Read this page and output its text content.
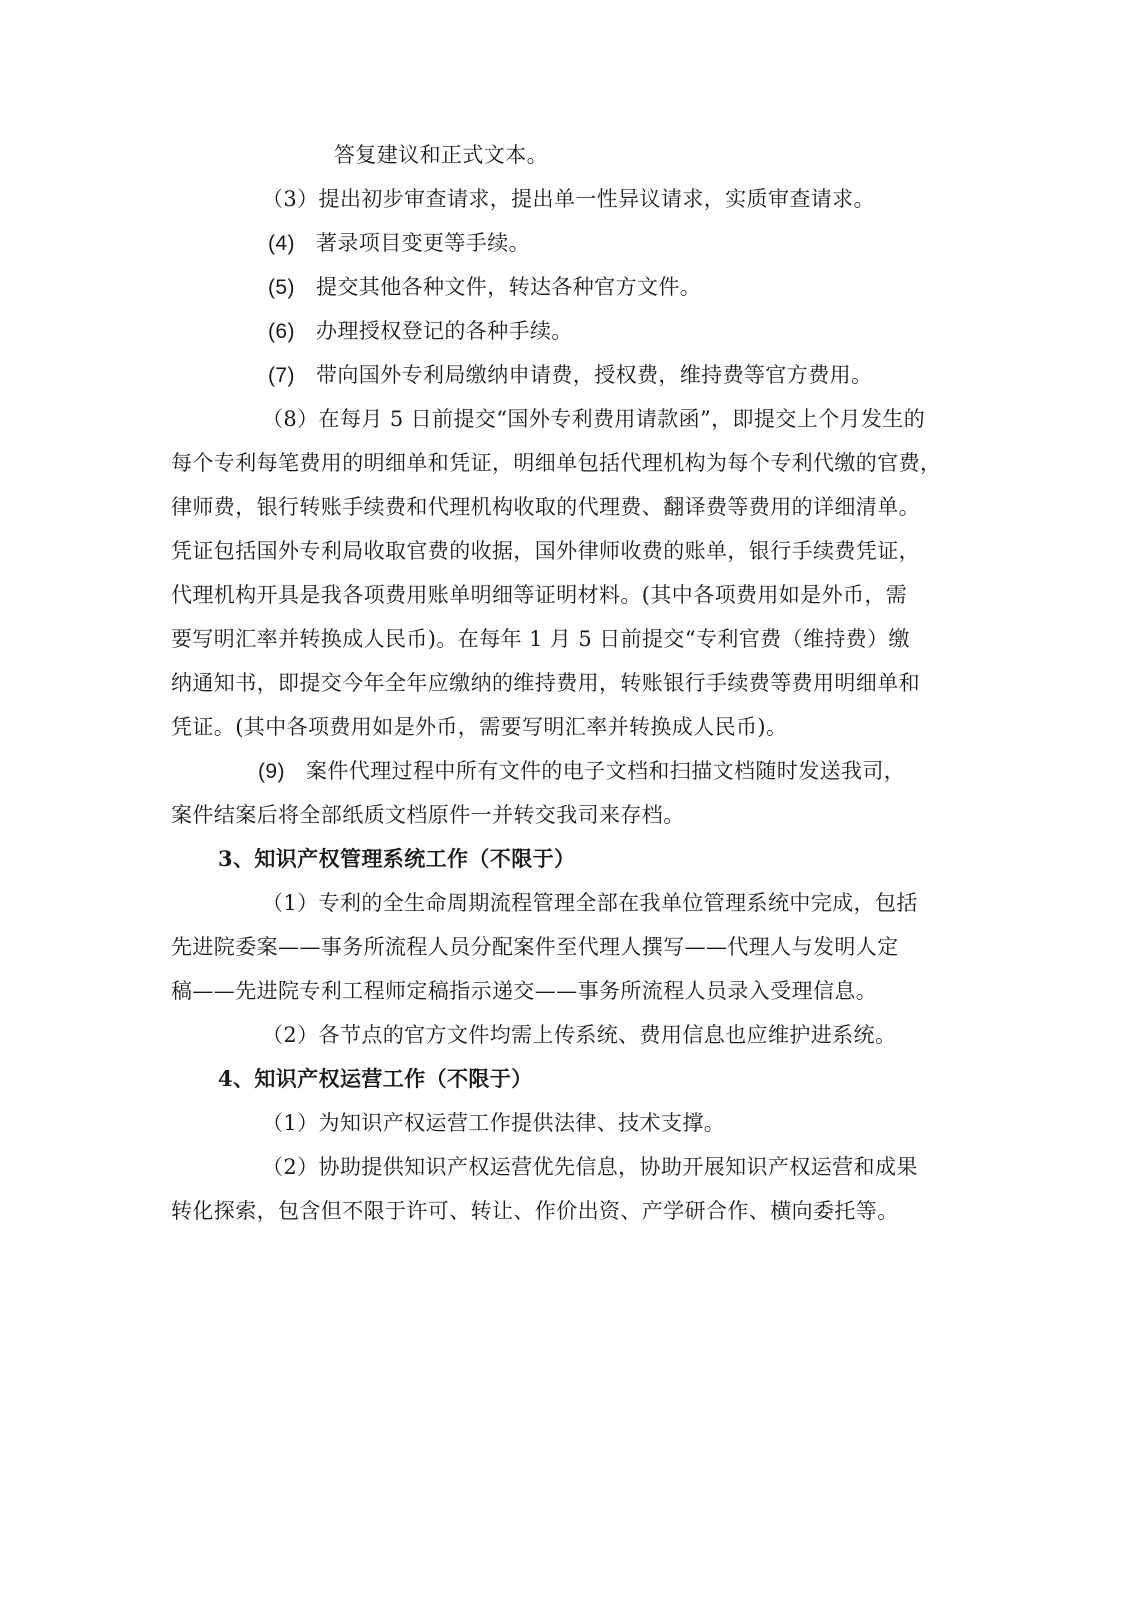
答复建议和正式文本。
（3）提出初步审查请求，提出单一性异议请求，实质审查请求。
(4) 著录项目变更等手续。
(5) 提交其他各种文件，转达各种官方文件。
(6) 办理授权登记的各种手续。
(7) 带向国外专利局缴纳申请费，授权费，维持费等官方费用。
（8）在每月 5 日前提交“国外专利费用请款函”，即提交上个月发生的
每个专利每笔费用的明细单和凭证，明细单包括代理机构为每个专利代缴的官费，
律师费，银行转账手续费和代理机构收取的代理费、翻译费等费用的详细清单。
凭证包括国外专利局收取官费的收据，国外律师收费的账单，银行手续费凭证，
代理机构开具是我各项费用账单明细等证明材料。(其中各项费用如是外币，需
要写明汇率并转换成人民币)。在每年 1 月 5 日前提交“专利官费（维持费）缴
纳通知书，即提交今年全年应缴纳的维持费用，转账银行手续费等费用明细单和
凭证。(其中各项费用如是外币，需要写明汇率并转换成人民币)。
(9) 案件代理过程中所有文件的电子文档和扫描文档随时发送我司，
案件结案后将全部纸质文档原件一并转交我司来存档。
3、知识产权管理系统工作（不限于）
（1）专利的全生命周期流程管理全部在我单位管理系统中完成，包括
先进院委案——事务所流程人员分配案件至代理人撰写——代理人与发明人定
稿——先进院专利工程师定稿指示递交——事务所流程人员录入受理信息。
（2）各节点的官方文件均需上传系统、费用信息也应维护进系统。
4、知识产权运营工作（不限于）
（1）为知识产权运营工作提供法律、技术支撑。
（2）协助提供知识产权运营优先信息，协助开展知识产权运营和成果
转化探索，包含但不限于许可、转让、作价出资、产学研合作、横向委托等。
